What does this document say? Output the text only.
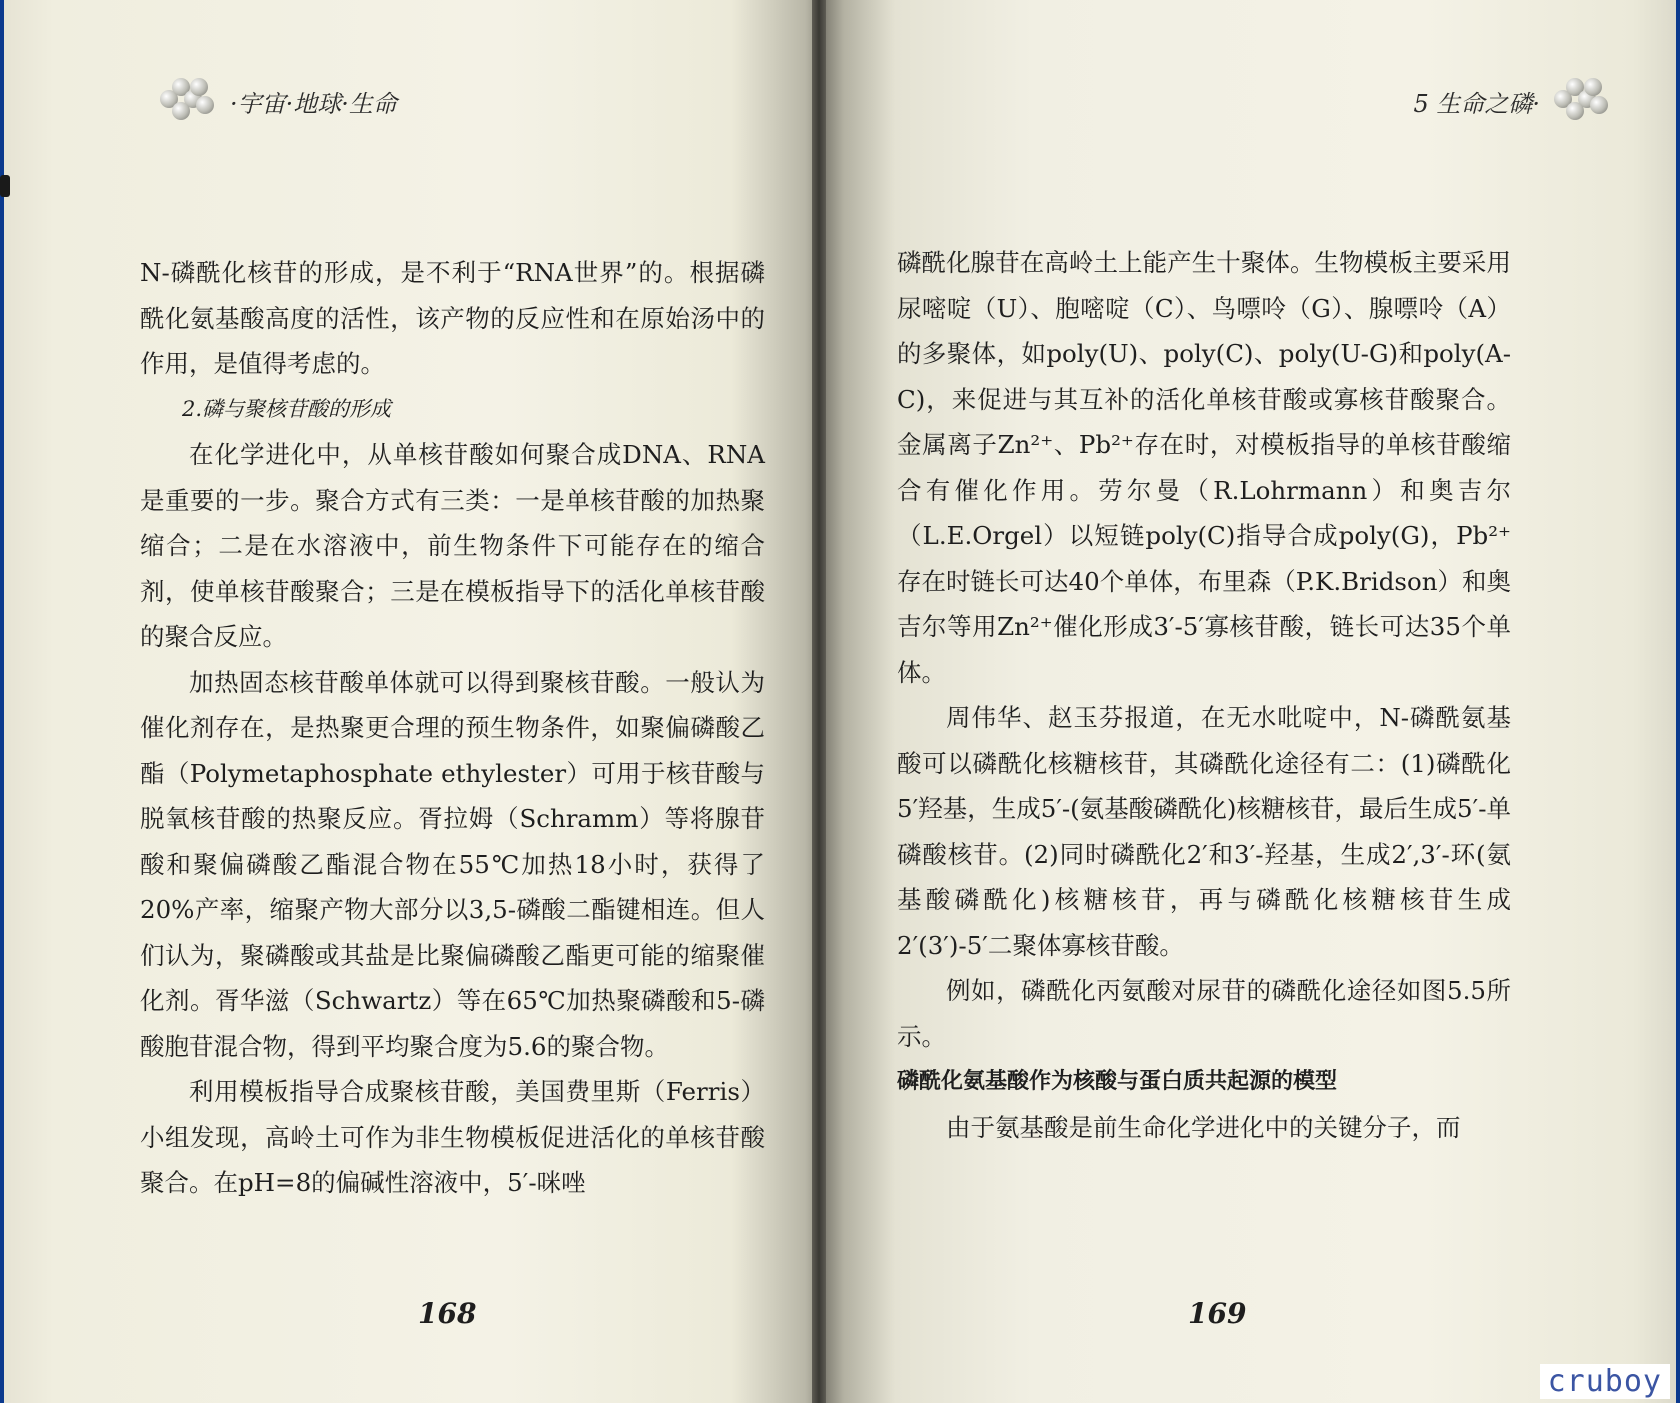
·宇宙·地球·生命	5 生命之磷·

N-磷酰化核苷的形成，是不利于“RNA世界”的。根据磷酰化氨基酸高度的活性，该产物的反应性和在原始汤中的作用，是值得考虑的。

2.磷与聚核苷酸的形成

在化学进化中，从单核苷酸如何聚合成DNA、RNA是重要的一步。聚合方式有三类：一是单核苷酸的加热聚缩合；二是在水溶液中，前生物条件下可能存在的缩合剂，使单核苷酸聚合；三是在模板指导下的活化单核苷酸的聚合反应。

加热固态核苷酸单体就可以得到聚核苷酸。一般认为催化剂存在，是热聚更合理的预生物条件，如聚偏磷酸乙酯（Polymetaphosphate ethylester）可用于核苷酸与脱氧核苷酸的热聚反应。胥拉姆（Schramm）等将腺苷酸和聚偏磷酸乙酯混合物在55℃加热18小时，获得了20%产率，缩聚产物大部分以3,5-磷酸二酯键相连。但人们认为，聚磷酸或其盐是比聚偏磷酸乙酯更可能的缩聚催化剂。胥华滋（Schwartz）等在65℃加热聚磷酸和5-磷酸胞苷混合物，得到平均聚合度为5.6的聚合物。

利用模板指导合成聚核苷酸，美国费里斯（Ferris）小组发现，高岭土可作为非生物模板促进活化的单核苷酸聚合。在pH=8的偏碱性溶液中，5′-咪唑

磷酰化腺苷在高岭土上能产生十聚体。生物模板主要采用尿嘧啶（U）、胞嘧啶（C）、鸟嘌呤（G）、腺嘌呤（A）的多聚体，如poly(U)、poly(C)、poly(U-G)和poly(A-C)，来促进与其互补的活化单核苷酸或寡核苷酸聚合。金属离子Zn²⁺、Pb²⁺存在时，对模板指导的单核苷酸缩合有催化作用。劳尔曼（R.Lohrmann）和奥吉尔（L.E.Orgel）以短链poly(C)指导合成poly(G)，Pb²⁺存在时链长可达40个单体，布里森（P.K.Bridson）和奥吉尔等用Zn²⁺催化形成3′-5′寡核苷酸，链长可达35个单体。

周伟华、赵玉芬报道，在无水吡啶中，N-磷酰氨基酸可以磷酰化核糖核苷，其磷酰化途径有二：(1)磷酰化5′羟基，生成5′-(氨基酸磷酰化)核糖核苷，最后生成5′-单磷酸核苷。(2)同时磷酰化2′和3′-羟基，生成2′,3′-环(氨基酸磷酰化)核糖核苷，再与磷酰化核糖核苷生成2′(3′)-5′二聚体寡核苷酸。

例如，磷酰化丙氨酸对尿苷的磷酰化途径如图5.5所示。

磷酰化氨基酸作为核酸与蛋白质共起源的模型

由于氨基酸是前生命化学进化中的关键分子，而

168	169
cruboy
